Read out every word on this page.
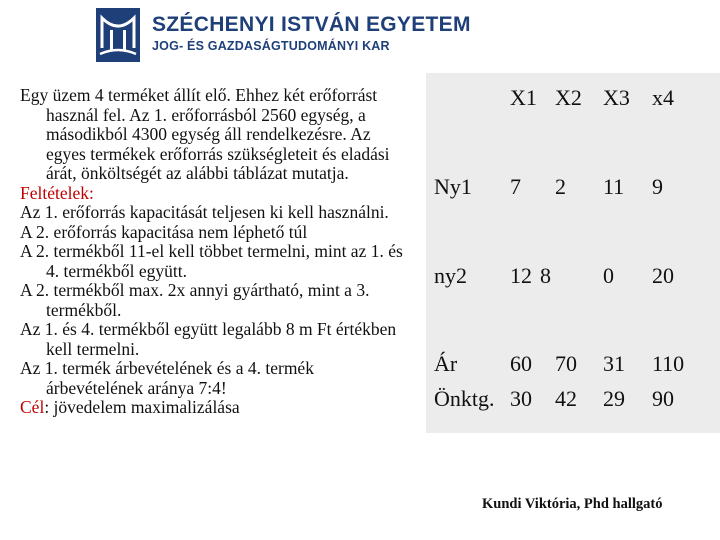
SZÉCHENYI ISTVÁN EGYETEM
JOG- ÉS GAZDASÁGTUDOMÁNYI KAR

Egy üzem 4 terméket állít elő. Ehhez két erőforrást használ fel. Az 1. erőforrásból 2560 egység, a másodikból 4300 egység áll rendelkezésre. Az egyes termékek erőforrás szükségleteit és eladási árát, önköltségét az alábbi táblázat mutatja.

Feltételek:

Az 1. erőforrás kapacitását teljesen ki kell használni.

A 2. erőforrás kapacitása nem léphető túl

A 2. termékből 11-el kell többet termelni, mint az 1. és 4. termékből együtt.

A 2. termékből max. 2x annyi gyártható, mint a 3. termékből.

Az 1. és 4. termékből együtt legalább 8 m Ft értékben kell termelni.

Az 1. termék árbevételének és a 4. termék árbevételének aránya 7:4!

Cél: jövedelem maximalizálása

X1 X2 X3 x4
Ny1 7 2 11 9
ny2 12 8 0 20
Ár 60 70 31 110
Önktg. 30 42 29 90
Kundi Viktória, Phd hallgató
